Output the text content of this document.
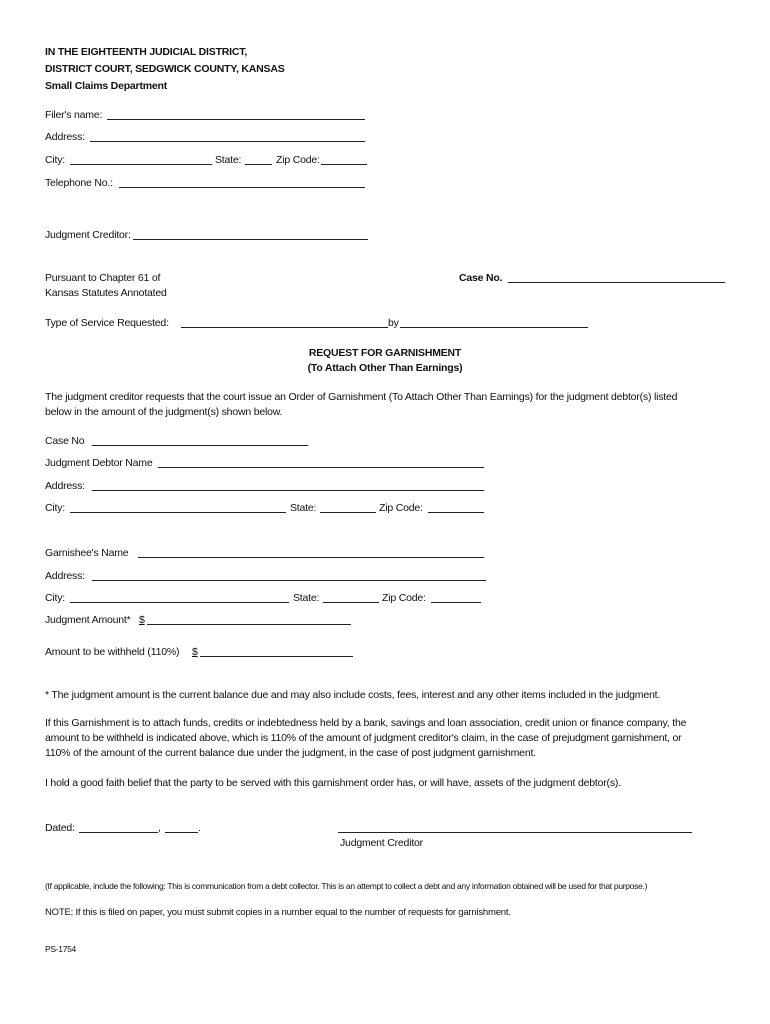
IN THE EIGHTEENTH JUDICIAL DISTRICT,
DISTRICT COURT, SEDGWICK COUNTY, KANSAS
Small Claims Department
Filer's name:
Address:
City:	State:	Zip Code:
Telephone No.:
Judgment Creditor:
Pursuant to Chapter 61 of
Kansas Statutes Annotated
Case No.
Type of Service Requested:	by
REQUEST FOR GARNISHMENT
(To Attach Other Than Earnings)
The judgment creditor requests that the court issue an Order of Garnishment (To Attach Other Than Earnings) for the judgment debtor(s) listed
below in the amount of the judgment(s) shown below.
Case No
Judgment Debtor Name
Address:
City:	State:	Zip Code:
Garnishee's Name
Address:
City:	State:	Zip Code:
Judgment Amount* $
Amount to be withheld (110%) $
* The judgment amount is the current balance due and may also include costs, fees, interest and any other items included in the judgment.
If this Garnishment is to attach funds, credits or indebtedness held by a bank, savings and loan association, credit union or finance company, the
amount to be withheld is indicated above, which is 110% of the amount of judgment creditor's claim, in the case of prejudgment garnishment, or
110% of the amount of the current balance due under the judgment, in the case of post judgment garnishment.
I hold a good faith belief that the party to be served with this garnishment order has, or will have, assets of the judgment debtor(s).
Dated:	,	.
Judgment Creditor
(If applicable, include the following: This is communication from a debt collector. This is an attempt to collect a debt and any information obtained will be used for that purpose.)
NOTE: If this is filed on paper, you must submit copies in a number equal to the number of requests for garnishment.
PS-1754
